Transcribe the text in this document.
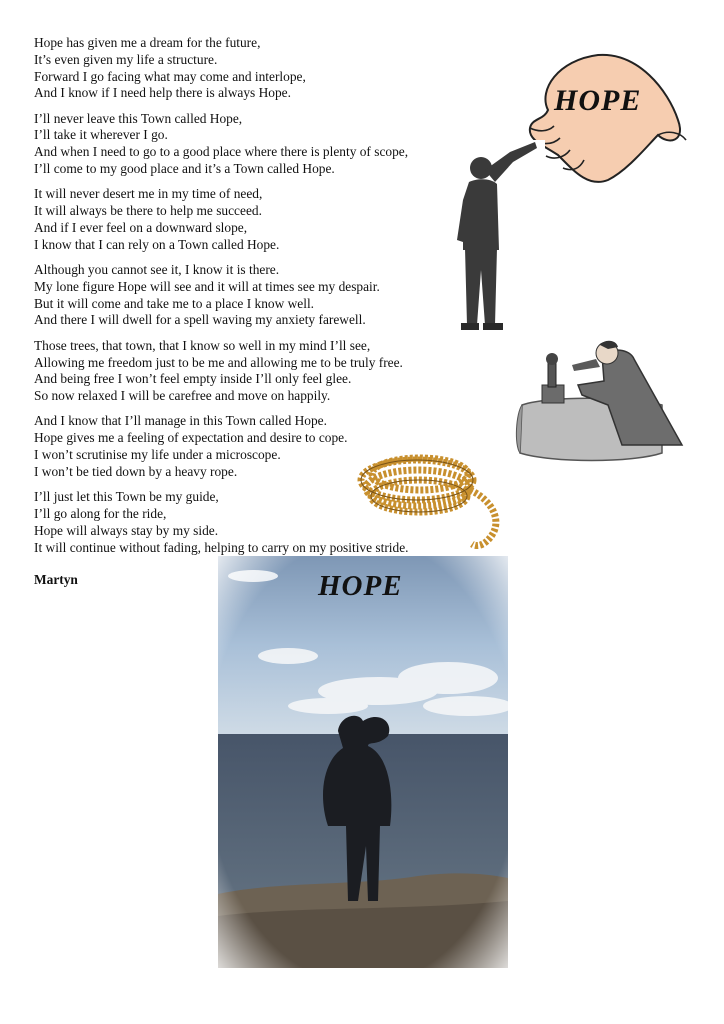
Hope has given me a dream for the future,
It’s even given my life a structure.
Forward I go facing what may come and interlope,
And I know if I need help there is always Hope.
I’ll never leave this Town called Hope,
I’ll take it wherever I go.
And when I need to go to a good place where there is plenty of scope,
I’ll come to my good place and it’s a Town called Hope.
It will never desert me in my time of need,
It will always be there to help me succeed.
And if I ever feel on a downward slope,
I know that I can rely on a Town called Hope.
Although you cannot see it, I know it is there.
My lone figure Hope will see and it will at times see my despair.
But it will come and take me to a place I know well.
And there I will dwell for a spell waving my anxiety farewell.
Those trees, that town, that I know so well in my mind I’ll see,
Allowing me freedom just to be me and allowing me to be truly free.
And being free I won’t feel empty inside I’ll only feel glee.
So now relaxed I will be carefree and move on happily.
And I know that I’ll manage in this Town called Hope.
Hope gives me a feeling of expectation and desire to cope.
I won’t scrutinise my life under a microscope.
I won’t be tied down by a heavy rope.
I’ll just let this Town be my guide,
I’ll go along for the ride,
Hope will always stay by my side.
It will continue without fading, helping to carry on my positive stride.
Martyn
HOPE
HOPE
